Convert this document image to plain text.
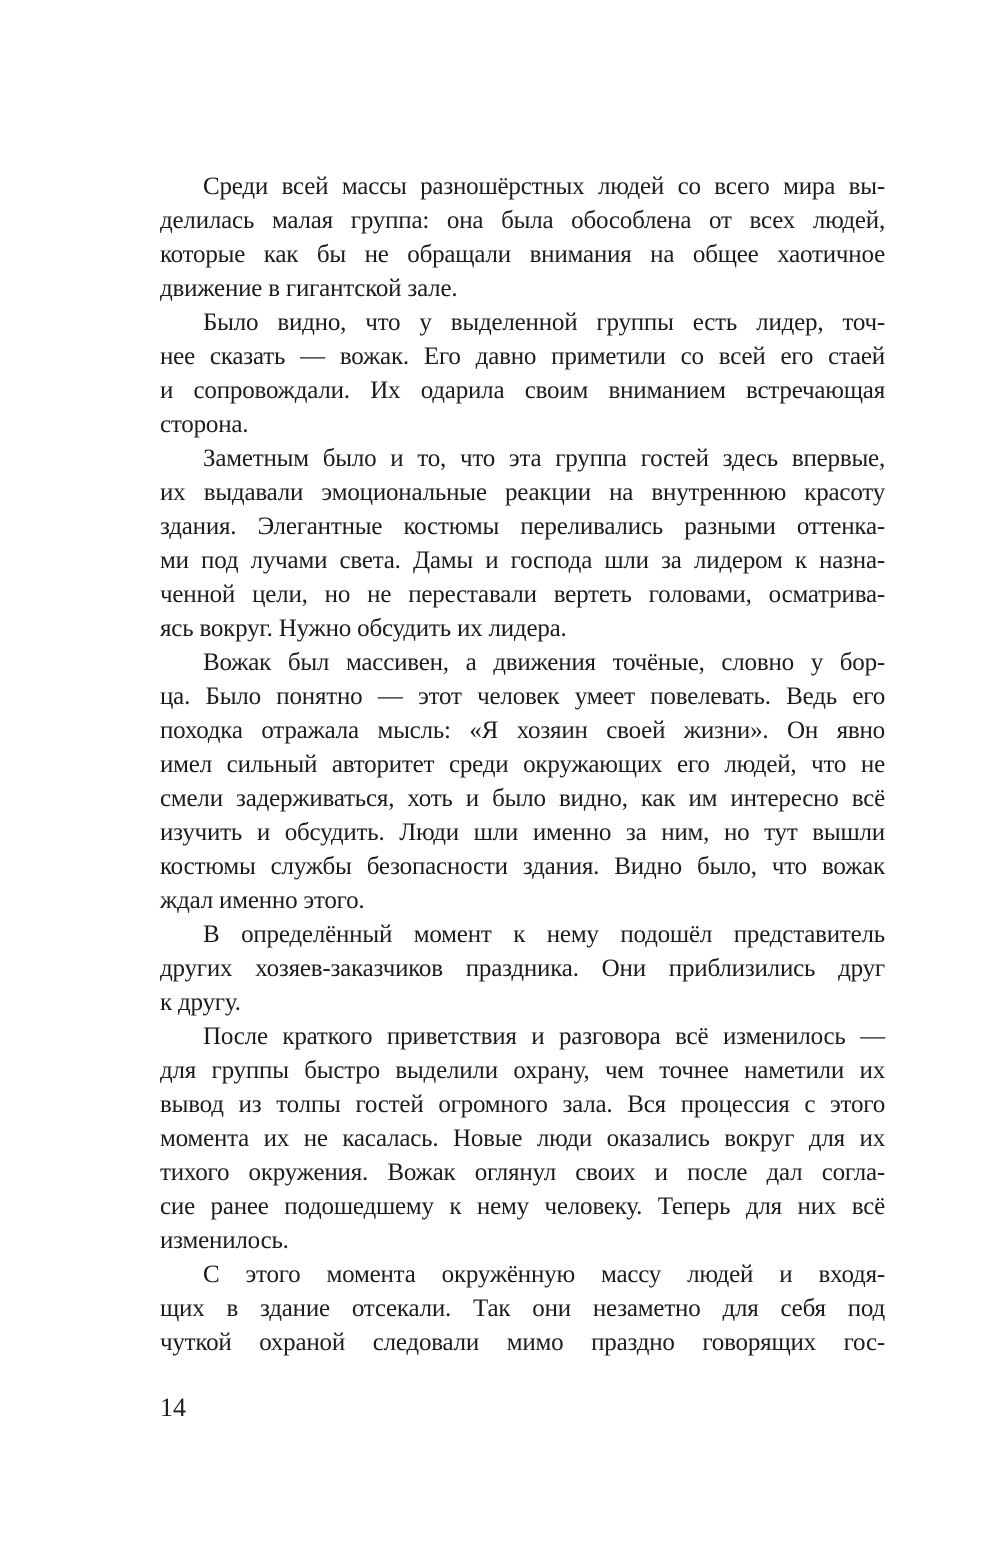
Среди всей массы разношёрстных людей со всего мира вы-
делилась малая группа: она была обособлена от всех людей,
которые как бы не обращали внимания на общее хаотичное
движение в гигантской зале.
Было видно, что у выделенной группы есть лидер, точ-
нее сказать — вожак. Его давно приметили со всей его стаей
и сопровождали. Их одарила своим вниманием встречающая
сторона.
Заметным было и то, что эта группа гостей здесь впервые,
их выдавали эмоциональные реакции на внутреннюю красоту
здания. Элегантные костюмы переливались разными оттенка-
ми под лучами света. Дамы и господа шли за лидером к назна-
ченной цели, но не переставали вертеть головами, осматрива-
ясь вокруг. Нужно обсудить их лидера.
Вожак был массивен, а движения точёные, словно у бор-
ца. Было понятно — этот человек умеет повелевать. Ведь его
походка отражала мысль: «Я хозяин своей жизни». Он явно
имел сильный авторитет среди окружающих его людей, что не
смели задерживаться, хоть и было видно, как им интересно всё
изучить и обсудить. Люди шли именно за ним, но тут вышли
костюмы службы безопасности здания. Видно было, что вожак
ждал именно этого.
В определённый момент к нему подошёл представитель
других хозяев-заказчиков праздника. Они приблизились друг
к другу.
После краткого приветствия и разговора всё изменилось —
для группы быстро выделили охрану, чем точнее наметили их
вывод из толпы гостей огромного зала. Вся процессия с этого
момента их не касалась. Новые люди оказались вокруг для их
тихого окружения. Вожак оглянул своих и после дал согла-
сие ранее подошедшему к нему человеку. Теперь для них всё
изменилось.
С этого момента окружённую массу людей и входя-
щих в здание отсекали. Так они незаметно для себя под
чуткой охраной следовали мимо праздно говорящих гос-
14
